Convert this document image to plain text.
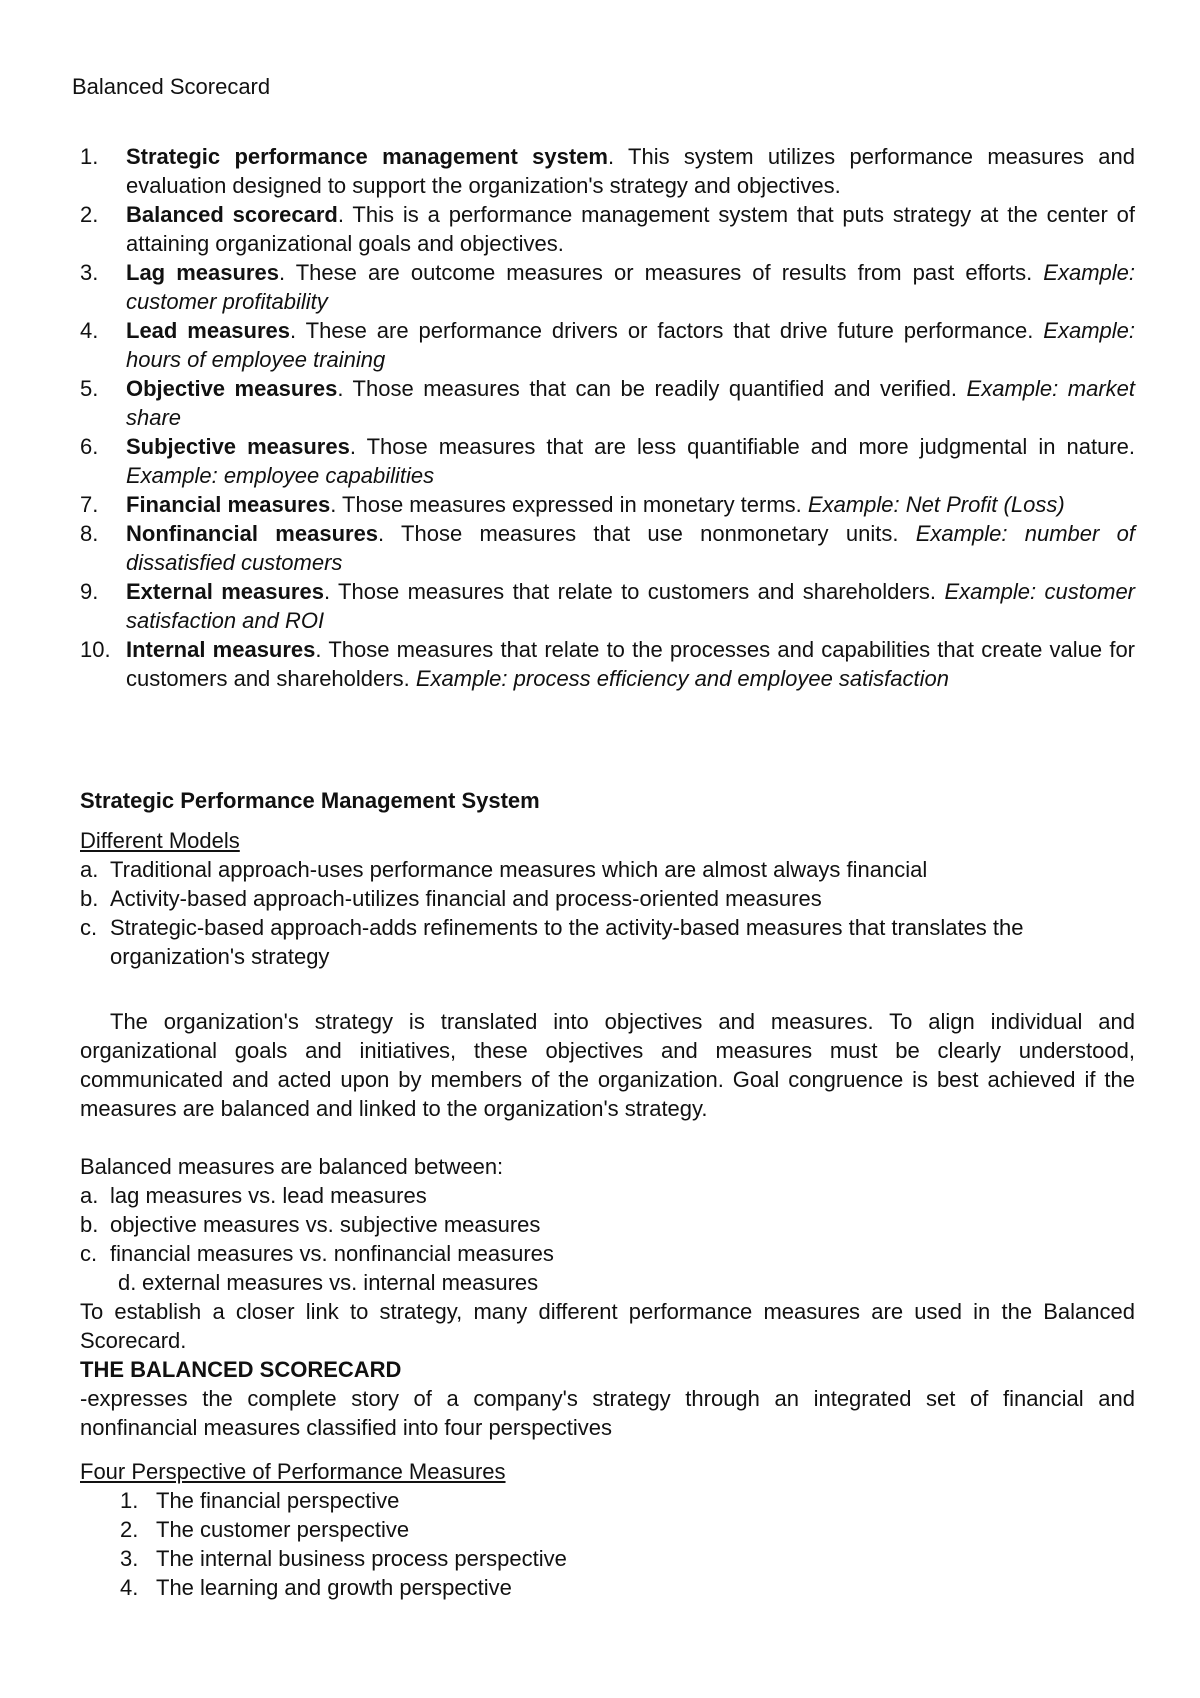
Balanced Scorecard
1. Strategic performance management system. This system utilizes performance measures and evaluation designed to support the organization's strategy and objectives.
2. Balanced scorecard. This is a performance management system that puts strategy at the center of attaining organizational goals and objectives.
3. Lag measures. These are outcome measures or measures of results from past efforts. Example: customer profitability
4. Lead measures. These are performance drivers or factors that drive future performance. Example: hours of employee training
5. Objective measures. Those measures that can be readily quantified and verified. Example: market share
6. Subjective measures. Those measures that are less quantifiable and more judgmental in nature. Example: employee capabilities
7. Financial measures. Those measures expressed in monetary terms. Example: Net Profit (Loss)
8. Nonfinancial measures. Those measures that use nonmonetary units. Example: number of dissatisfied customers
9. External measures. Those measures that relate to customers and shareholders. Example: customer satisfaction and ROI
10. Internal measures. Those measures that relate to the processes and capabilities that create value for customers and shareholders. Example: process efficiency and employee satisfaction
Strategic Performance Management System
Different Models
a. Traditional approach-uses performance measures which are almost always financial
b. Activity-based approach-utilizes financial and process-oriented measures
c. Strategic-based approach-adds refinements to the activity-based measures that translates the organization's strategy
The organization's strategy is translated into objectives and measures. To align individual and organizational goals and initiatives, these objectives and measures must be clearly understood, communicated and acted upon by members of the organization. Goal congruence is best achieved if the measures are balanced and linked to the organization's strategy.
Balanced measures are balanced between:
a. lag measures vs. lead measures
b. objective measures vs. subjective measures
c. financial measures vs. nonfinancial measures
d. external measures vs. internal measures
To establish a closer link to strategy, many different performance measures are used in the Balanced Scorecard.
THE BALANCED SCORECARD
-expresses the complete story of a company's strategy through an integrated set of financial and nonfinancial measures classified into four perspectives
Four Perspective of Performance Measures
1. The financial perspective
2. The customer perspective
3. The internal business process perspective
4. The learning and growth perspective
